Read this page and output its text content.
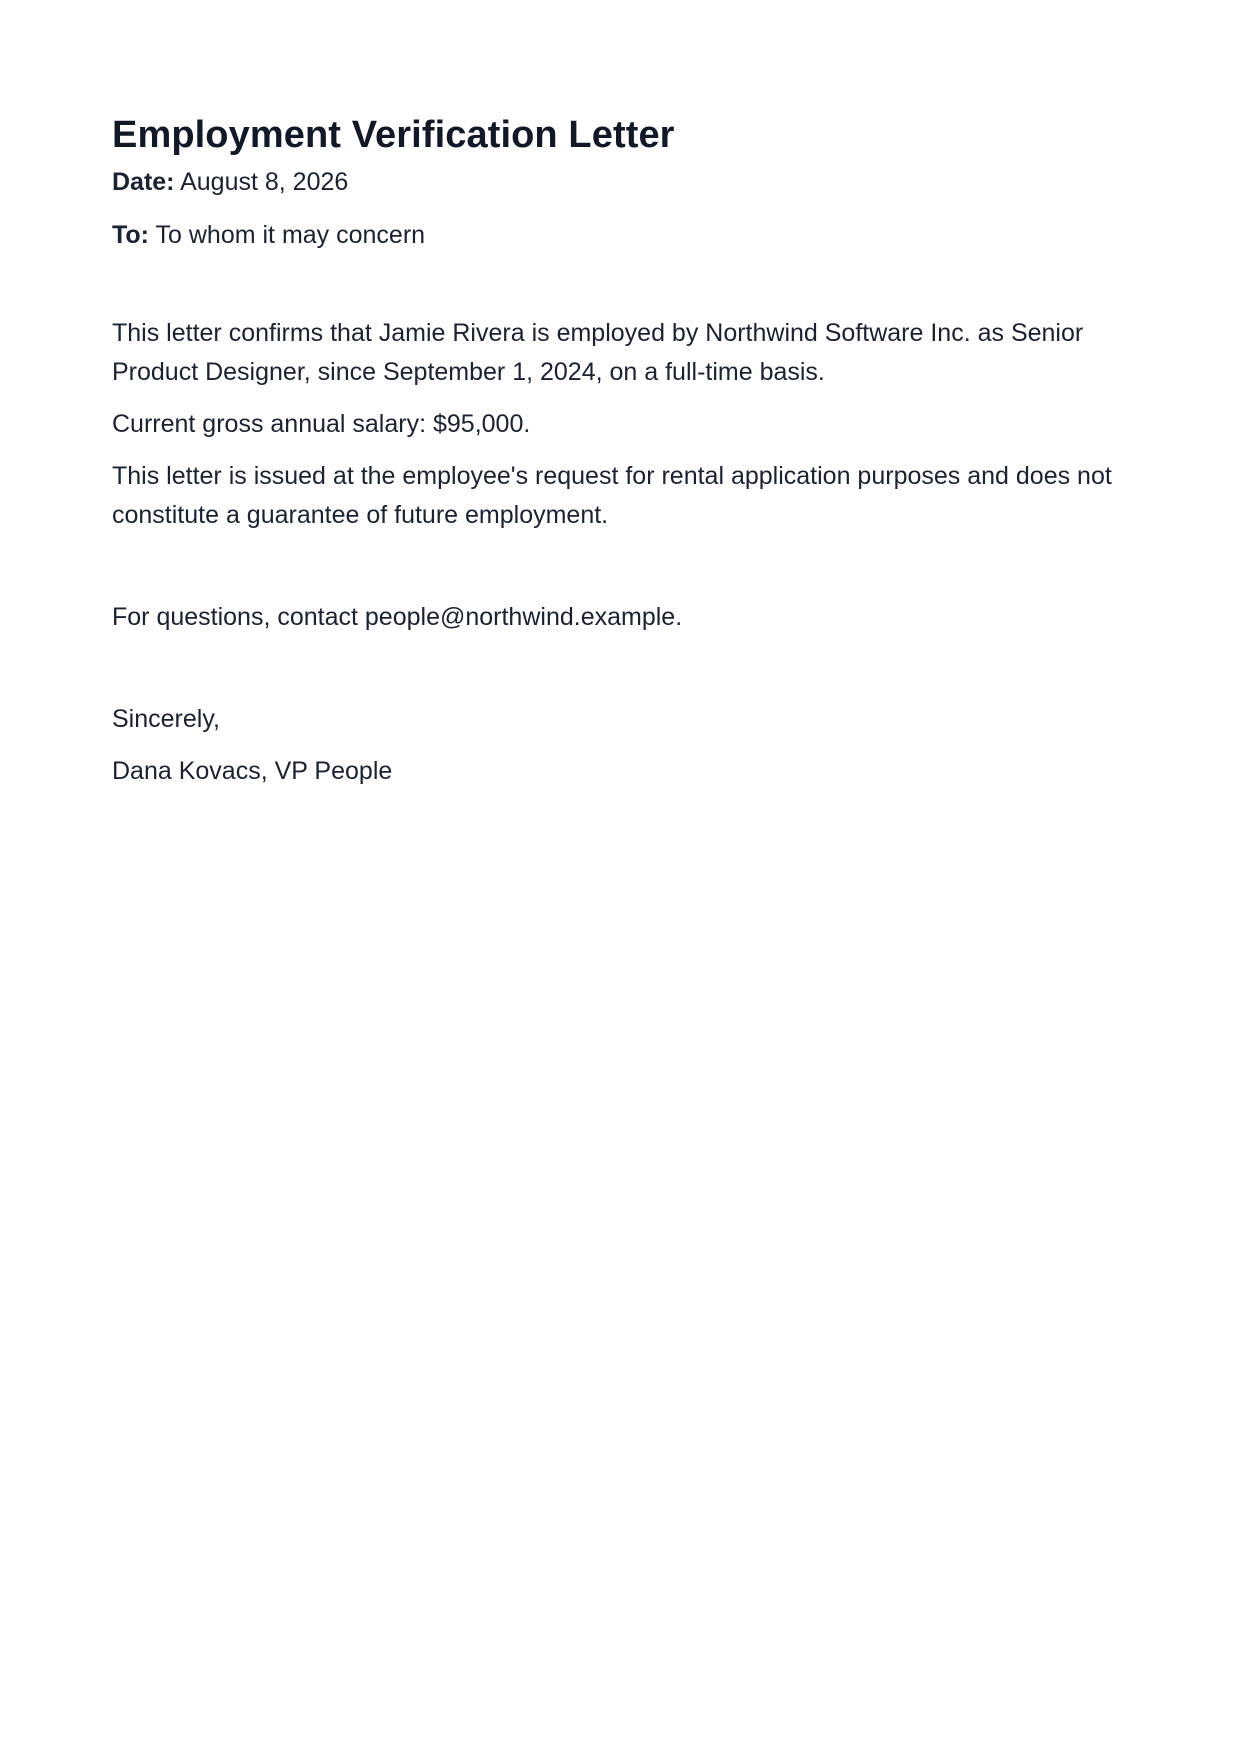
Employment Verification Letter

Date: August 8, 2026

To: To whom it may concern

This letter confirms that Jamie Rivera is employed by Northwind Software Inc. as Senior Product Designer, since September 1, 2024, on a full-time basis.

Current gross annual salary: $95,000.

This letter is issued at the employee's request for rental application purposes and does not constitute a guarantee of future employment.

For questions, contact people@northwind.example.

Sincerely,

Dana Kovacs, VP People
